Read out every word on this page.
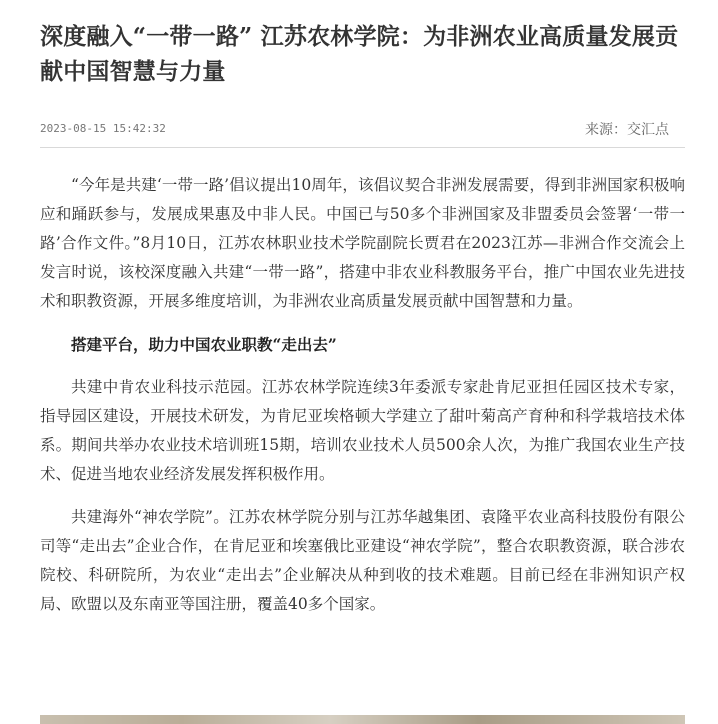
深度融入“一带一路” 江苏农林学院：为非洲农业高质量发展贡献中国智慧与力量
2023-08-15 15:42:32	来源：交汇点

“今年是共建‘一带一路’倡议提出10周年，该倡议契合非洲发展需要，得到非洲国家积极响应和踊跃参与，发展成果惠及中非人民。中国已与50多个非洲国家及非盟委员会签署‘一带一路’合作文件。”8月10日，江苏农林职业技术学院副院长贾君在2023江苏—非洲合作交流会上发言时说，该校深度融入共建“一带一路”，搭建中非农业科教服务平台，推广中国农业先进技术和职教资源，开展多维度培训，为非洲农业高质量发展贡献中国智慧和力量。

搭建平台，助力中国农业职教“走出去”

共建中肯农业科技示范园。江苏农林学院连续3年委派专家赴肯尼亚担任园区技术专家，指导园区建设，开展技术研发，为肯尼亚埃格顿大学建立了甜叶菊高产育种和科学栽培技术体系。期间共举办农业技术培训班15期，培训农业技术人员500余人次，为推广我国农业生产技术、促进当地农业经济发展发挥积极作用。

共建海外“神农学院”。江苏农林学院分别与江苏华越集团、袁隆平农业高科技股份有限公司等“走出去”企业合作，在肯尼亚和埃塞俄比亚建设“神农学院”，整合农职教资源，联合涉农院校、科研院所，为农业“走出去”企业解决从种到收的技术难题。目前已经在非洲知识产权局、欧盟以及东南亚等国注册，覆盖40多个国家。
